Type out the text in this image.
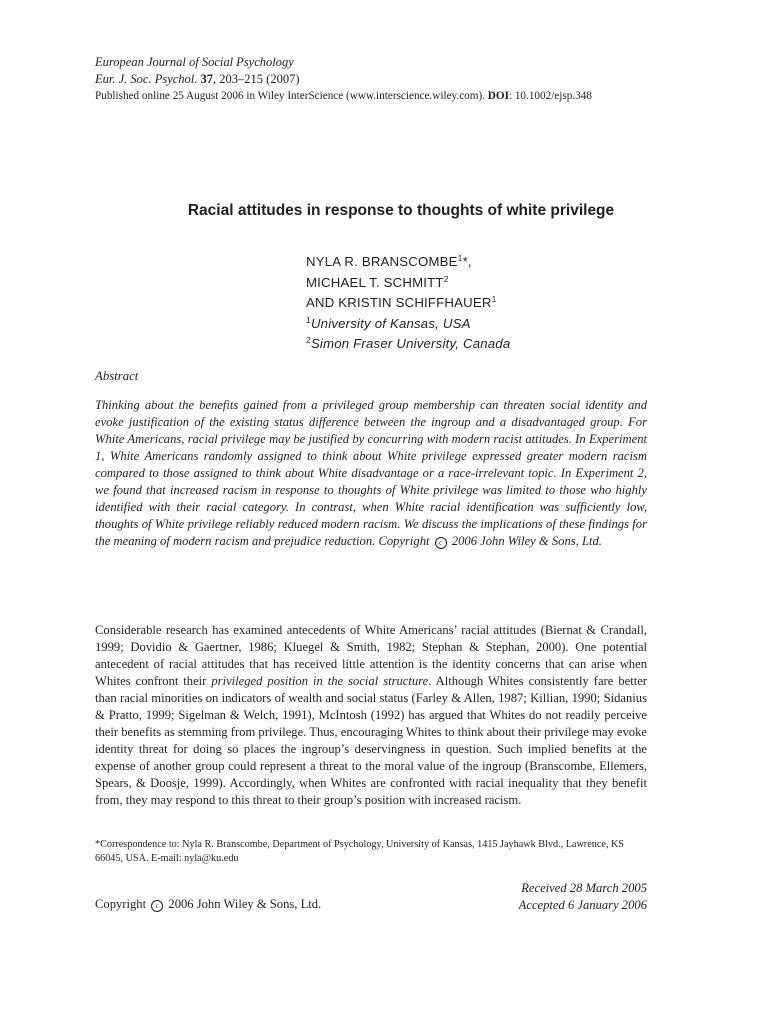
European Journal of Social Psychology
Eur. J. Soc. Psychol. 37, 203–215 (2007)
Published online 25 August 2006 in Wiley InterScience (www.interscience.wiley.com). DOI: 10.1002/ejsp.348
Racial attitudes in response to thoughts of white privilege
NYLA R. BRANSCOMBE$^1$*,
MICHAEL T. SCHMITT$^2$
AND KRISTIN SCHIFFHAUER$^1$
$^1$University of Kansas, USA
$^2$Simon Fraser University, Canada
Abstract
Thinking about the benefits gained from a privileged group membership can threaten social identity and evoke justification of the existing status difference between the ingroup and a disadvantaged group. For White Americans, racial privilege may be justified by concurring with modern racist attitudes. In Experiment 1, White Americans randomly assigned to think about White privilege expressed greater modern racism compared to those assigned to think about White disadvantage or a race-irrelevant topic. In Experiment 2, we found that increased racism in response to thoughts of White privilege was limited to those who highly identified with their racial category. In contrast, when White racial identification was sufficiently low, thoughts of White privilege reliably reduced modern racism. We discuss the implications of these findings for the meaning of modern racism and prejudice reduction. Copyright c 2006 John Wiley & Sons, Ltd.
Considerable research has examined antecedents of White Americans’ racial attitudes (Biernat & Crandall, 1999; Dovidio & Gaertner, 1986; Kluegel & Smith, 1982; Stephan & Stephan, 2000). One potential antecedent of racial attitudes that has received little attention is the identity concerns that can arise when Whites confront their privileged position in the social structure. Although Whites consistently fare better than racial minorities on indicators of wealth and social status (Farley & Allen, 1987; Killian, 1990; Sidanius & Pratto, 1999; Sigelman & Welch, 1991), McIntosh (1992) has argued that Whites do not readily perceive their benefits as stemming from privilege. Thus, encouraging Whites to think about their privilege may evoke identity threat for doing so places the ingroup’s deservingness in question. Such implied benefits at the expense of another group could represent a threat to the moral value of the ingroup (Branscombe, Ellemers, Spears, & Doosje, 1999). Accordingly, when Whites are confronted with racial inequality that they benefit from, they may respond to this threat to their group’s position with increased racism.
*Correspondence to: Nyla R. Branscombe, Department of Psychology, University of Kansas, 1415 Jayhawk Blvd., Lawrence, KS 66045, USA. E-mail: nyla@ku.edu
Received 28 March 2005
Accepted 6 January 2006
Copyright c 2006 John Wiley & Sons, Ltd.
